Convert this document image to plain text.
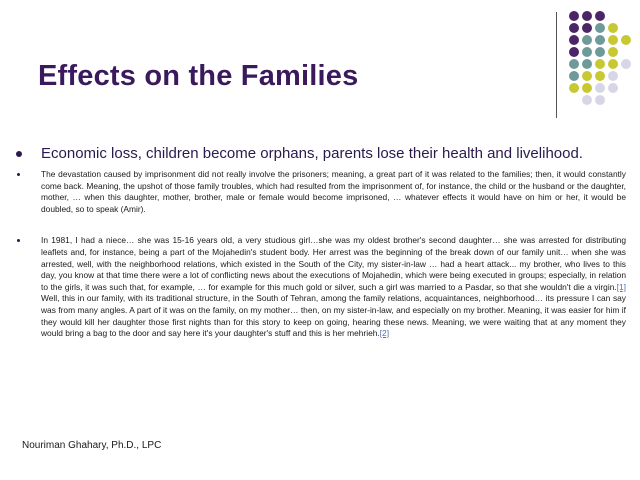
Effects on the Families
Economic loss, children become orphans, parents lose their health and livelihood.
The devastation caused by imprisonment did not really involve the prisoners; meaning, a great part of it was related to the families; then, it would constantly come back. Meaning, the upshot of those family troubles, which had resulted from the imprisonment of, for instance, the child or the husband or the daughter, mother, … when this daughter, mother, brother, male or female would become imprisoned, … whatever effects it would have on him or her, it would be doubled, so to speak (Amir).
In 1981, I had a niece… she was 15-16 years old, a very studious girl…she was my oldest brother's second daughter… she was arrested for distributing leaflets and, for instance, being a part of the Mojahedin's student body. Her arrest was the beginning of the break down of our family unit… when she was arrested, well, with the neighborhood relations, which existed in the South of the City, my sister-in-law … had a heart attack... my brother, who lives to this day, you know at that time there were a lot of conflicting news about the executions of Mojahedin, which were being executed in groups; especially, in relation to the girls, it was such that, for example, … for example for this much gold or silver, such a girl was married to a Pasdar, so that she wouldn't die a virgin.[1] Well, this in our family, with its traditional structure, in the South of Tehran, among the family relations, acquaintances, neighborhood… its pressure I can say was from many angles. A part of it was on the family, on my mother… then, on my sister-in-law, and especially on my brother. Meaning, it was easier for him if they would kill her daughter those first nights than for this story to keep on going, hearing these news. Meaning, we were waiting that at any moment they would bring a bag to the door and say here it's your daughter's stuff and this is her mehrieh.[2]
Nouriman Ghahary, Ph.D., LPC
